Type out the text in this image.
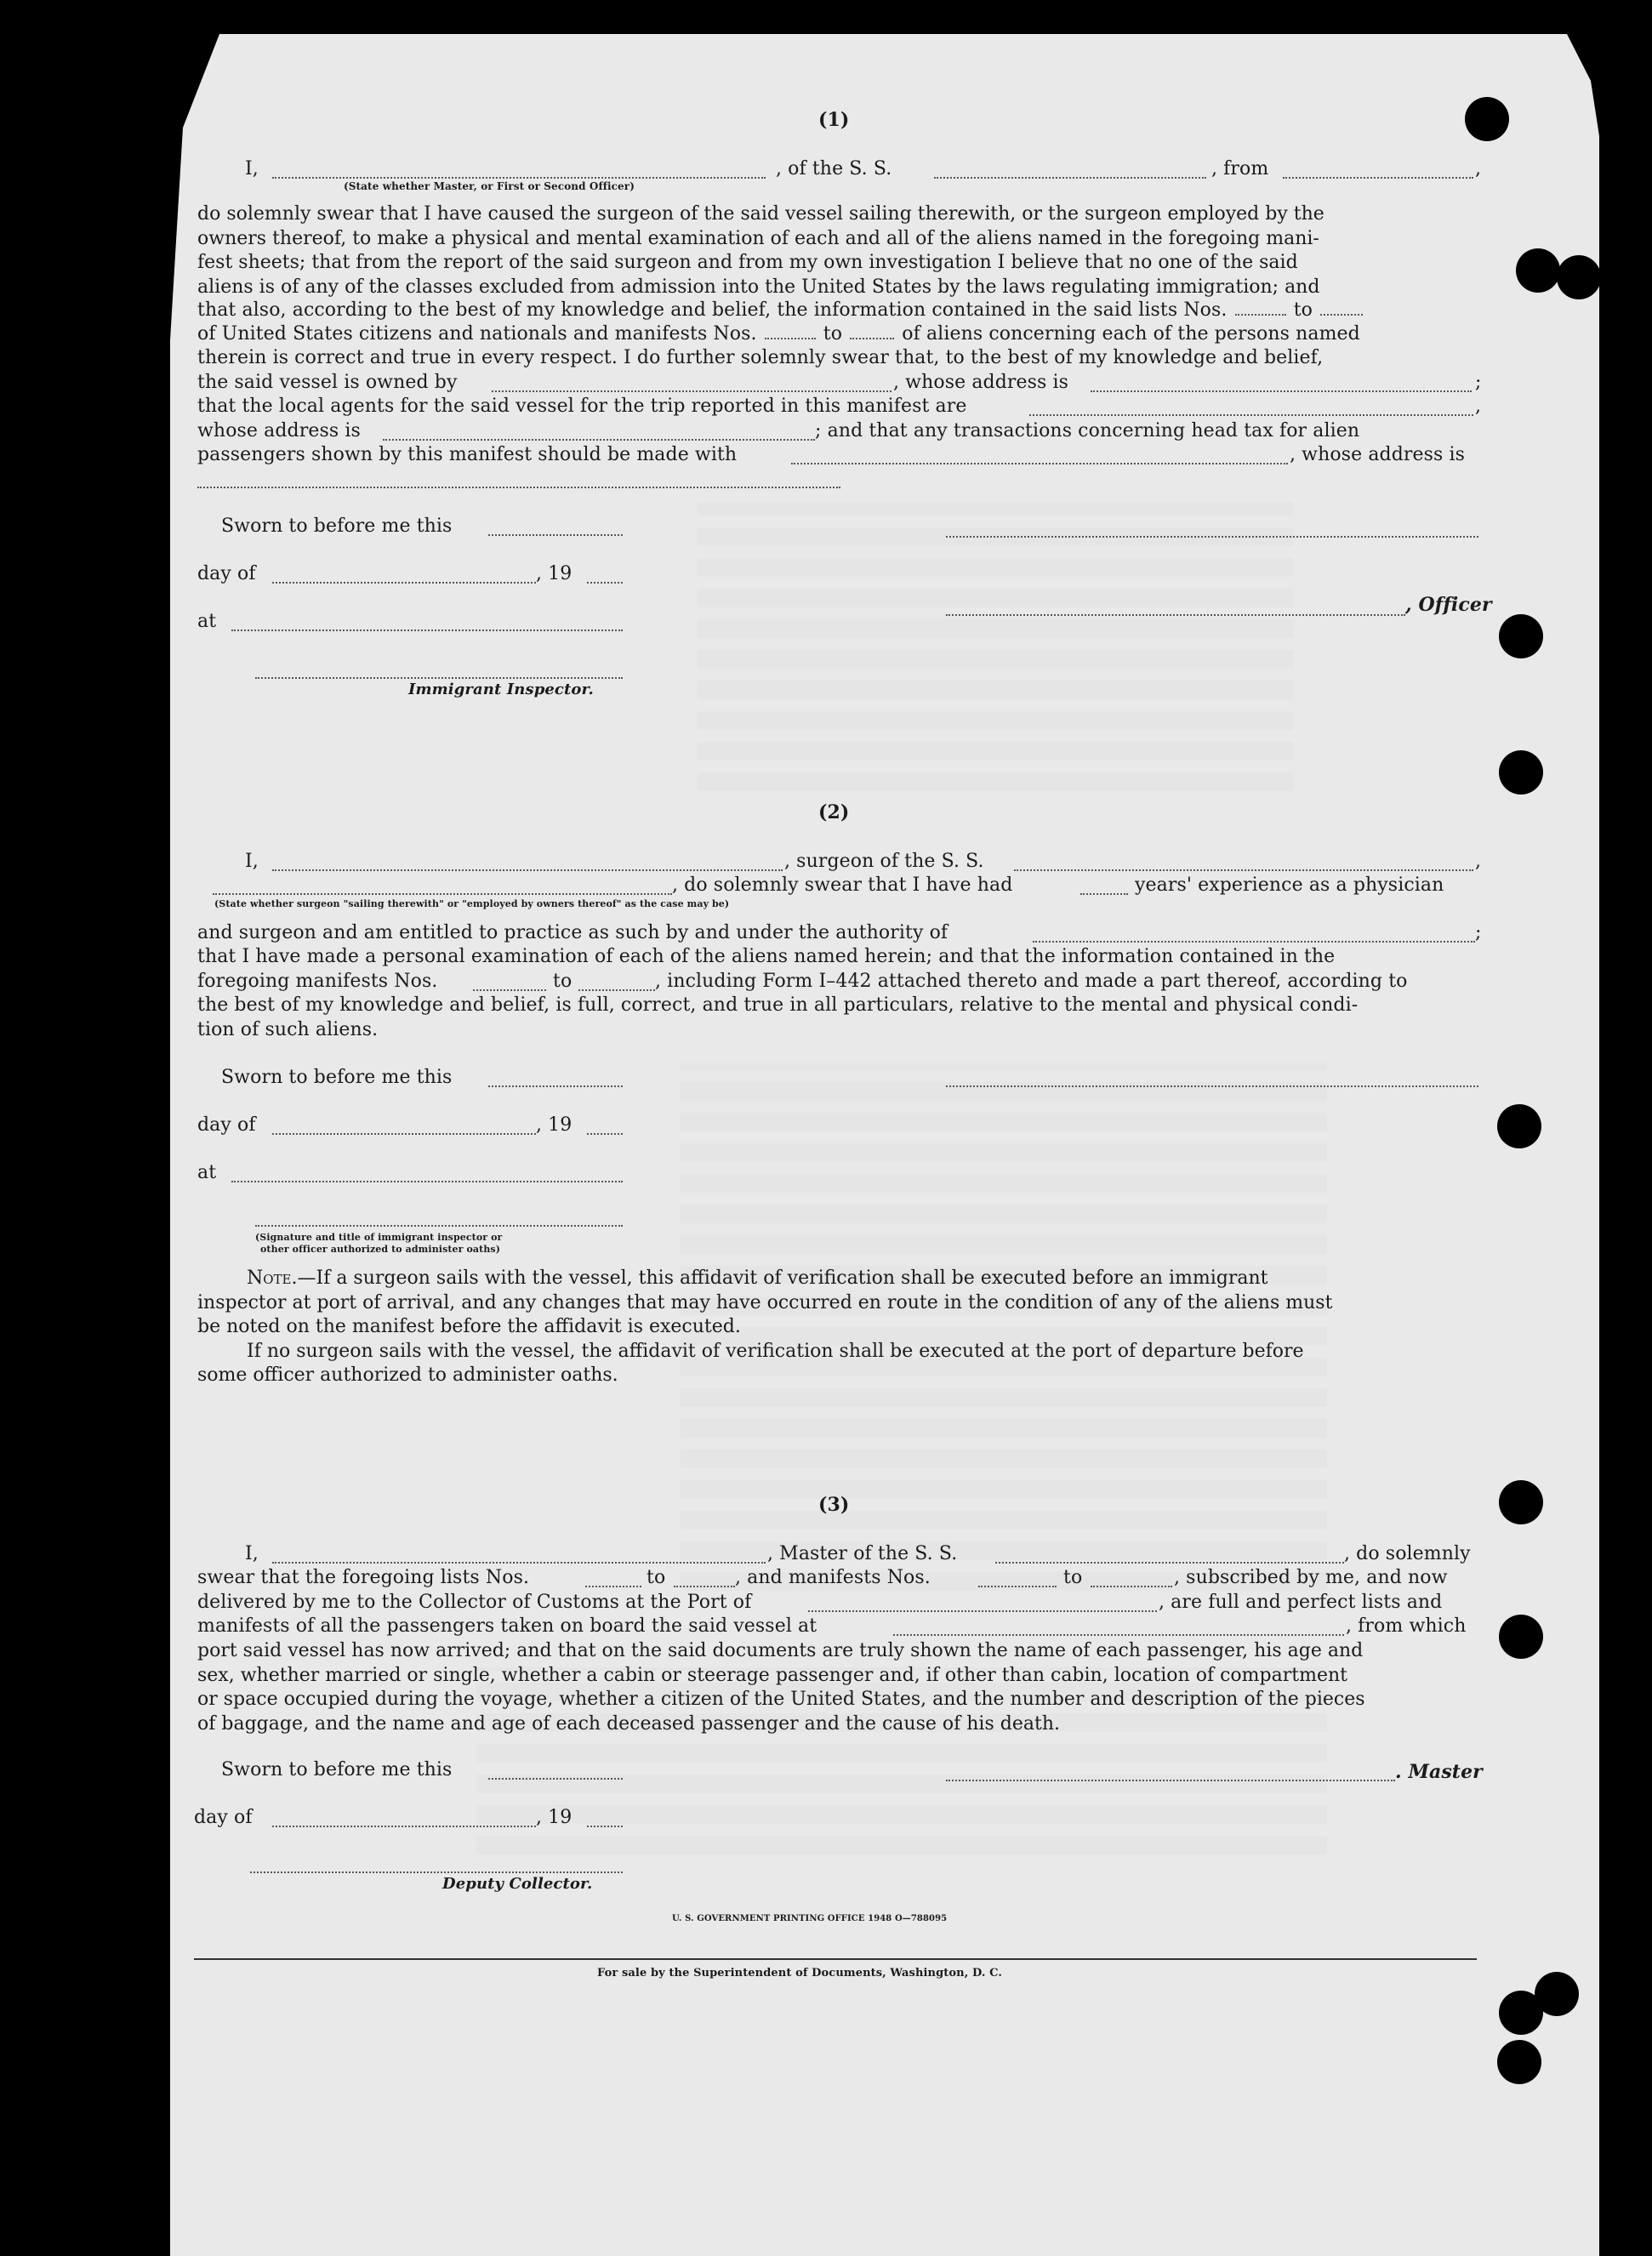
(1)
I,	, of the S. S.	, from	,
(State whether Master, or First or Second Officer)
do solemnly swear that I have caused the surgeon of the said vessel sailing therewith, or the surgeon employed by the
owners thereof, to make a physical and mental examination of each and all of the aliens named in the foregoing mani-
fest sheets; that from the report of the said surgeon and from my own investigation I believe that no one of the said
aliens is of any of the classes excluded from admission into the United States by the laws regulating immigration; and
that also, according to the best of my knowledge and belief, the information contained in the said lists Nos.	to
of United States citizens and nationals and manifests Nos.	to	of aliens concerning each of the persons named
therein is correct and true in every respect. I do further solemnly swear that, to the best of my knowledge and belief,
the said vessel is owned by	, whose address is	;
that the local agents for the said vessel for the trip reported in this manifest are	,
whose address is	; and that any transactions concerning head tax for alien
passengers shown by this manifest should be made with	, whose address is
Sworn to before me this
day of	, 19
, Officer
at
Immigrant Inspector.
(2)
I,	, surgeon of the S. S.	,
, do solemnly swear that I have had	years' experience as a physician
(State whether surgeon "sailing therewith" or "employed by owners thereof" as the case may be)
and surgeon and am entitled to practice as such by and under the authority of	;
that I have made a personal examination of each of the aliens named herein; and that the information contained in the
foregoing manifests Nos.	to	, including Form I–442 attached thereto and made a part thereof, according to
the best of my knowledge and belief, is full, correct, and true in all particulars, relative to the mental and physical condi-
tion of such aliens.
Sworn to before me this
day of	, 19
at
(Signature and title of immigrant inspector or
other officer authorized to administer oaths)
Note.—If a surgeon sails with the vessel, this affidavit of verification shall be executed before an immigrant
inspector at port of arrival, and any changes that may have occurred en route in the condition of any of the aliens must
be noted on the manifest before the affidavit is executed.
If no surgeon sails with the vessel, the affidavit of verification shall be executed at the port of departure before
some officer authorized to administer oaths.
(3)
I,	, Master of the S. S.	, do solemnly
swear that the foregoing lists Nos.	to	, and manifests Nos.	to	, subscribed by me, and now
delivered by me to the Collector of Customs at the Port of	, are full and perfect lists and
manifests of all the passengers taken on board the said vessel at	, from which
port said vessel has now arrived; and that on the said documents are truly shown the name of each passenger, his age and
sex, whether married or single, whether a cabin or steerage passenger and, if other than cabin, location of compartment
or space occupied during the voyage, whether a citizen of the United States, and the number and description of the pieces
of baggage, and the name and age of each deceased passenger and the cause of his death.
Sworn to before me this	. Master
day of	, 19
Deputy Collector.
U. S. GOVERNMENT PRINTING OFFICE 1948 O—788095
For sale by the Superintendent of Documents, Washington, D. C.
